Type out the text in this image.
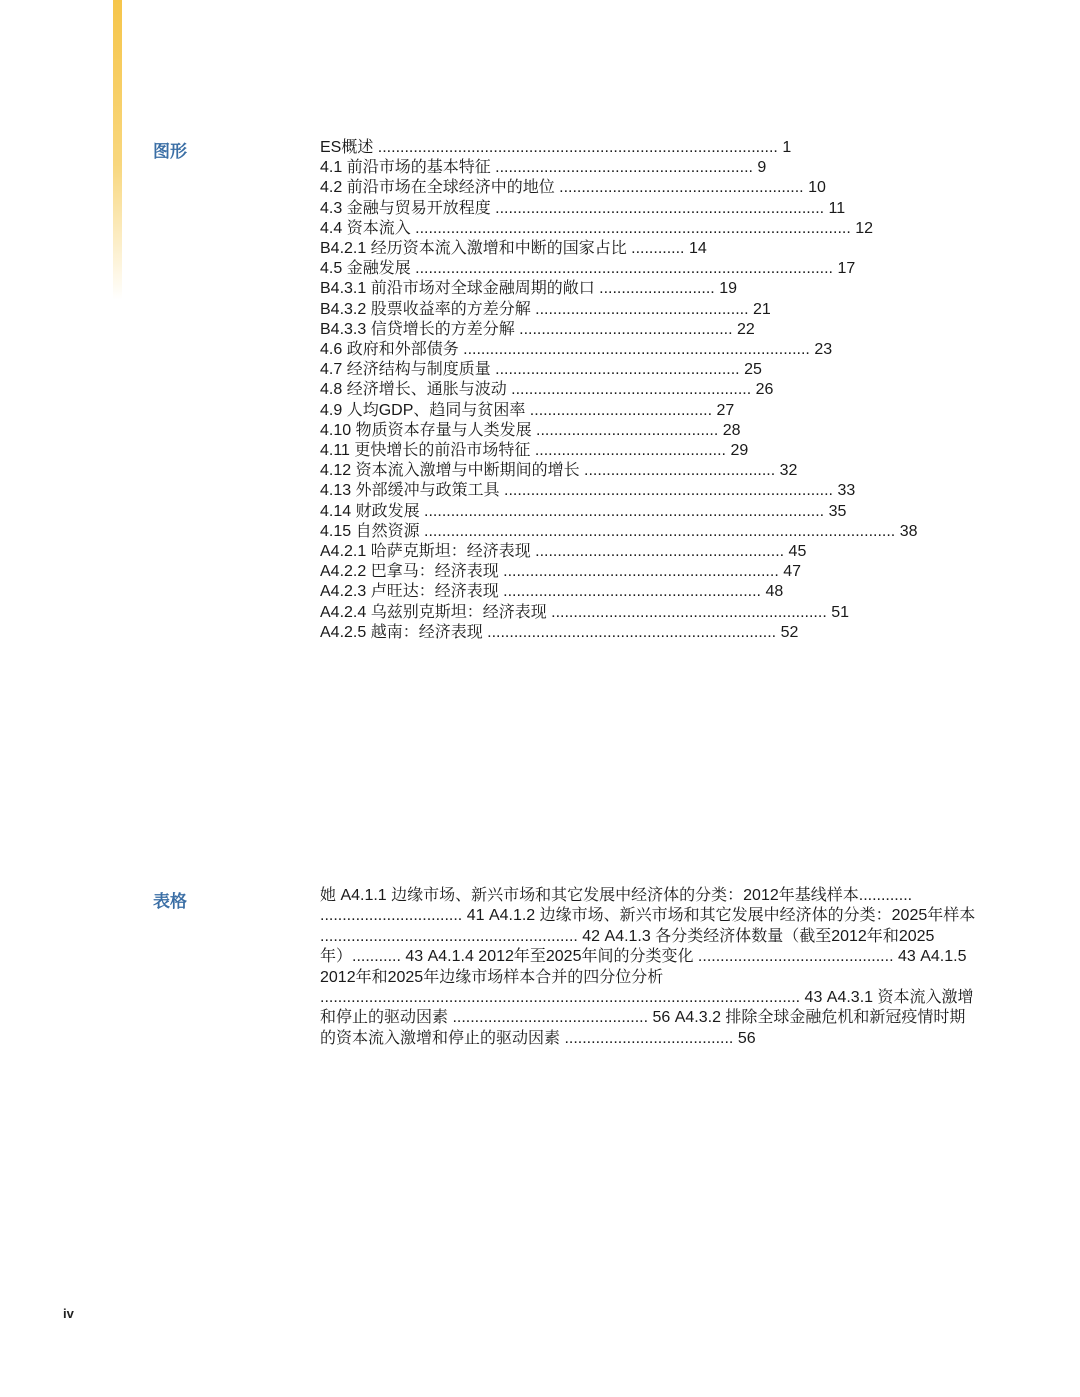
图形	ES概述 .......................................................................................... 1
4.1 前沿市场的基本特征 .......................................................... 9
4.2 前沿市场在全球经济中的地位 ....................................................... 10
4.3 金融与贸易开放程度 .......................................................................... 11
4.4 资本流入 .................................................................................................. 12
B4.2.1 经历资本流入激增和中断的国家占比 ............ 14
4.5 金融发展 .............................................................................................. 17
B4.3.1 前沿市场对全球金融周期的敞口 .......................... 19
B4.3.2 股票收益率的方差分解 ................................................ 21
B4.3.3 信贷增长的方差分解 ................................................ 22
4.6 政府和外部债务 .............................................................................. 23
4.7 经济结构与制度质量 ....................................................... 25
4.8 经济增长、通胀与波动 ...................................................... 26
4.9 人均GDP、趋同与贫困率 ......................................... 27
4.10 物质资本存量与人类发展 ......................................... 28
4.11 更快增长的前沿市场特征 ........................................... 29
4.12 资本流入激增与中断期间的增长 ........................................... 32
4.13 外部缓冲与政策工具 .......................................................................... 33
4.14 财政发展 .......................................................................................... 35
4.15 自然资源 .......................................................................................................... 38
A4.2.1 哈萨克斯坦：经济表现 ........................................................ 45
A4.2.2 巴拿马：经济表现 .............................................................. 47
A4.2.3 卢旺达：经济表现 .......................................................... 48
A4.2.4 乌兹别克斯坦：经济表现 .............................................................. 51
A4.2.5 越南：经济表现 ................................................................. 52
表格	她 A4.1.1 边缘市场、新兴市场和其它发展中经济体的分类：2012年基线样本............ ................................ 41 A4.1.2 边缘市场、新兴市场和其它发展中经济体的分类：2025年样本 .......................................................... 42 A4.1.3 各分类经济体数量（截至2012年和2025年）........... 43 A4.1.4 2012年至2025年间的分类变化 ............................................ 43 A4.1.5 2012年和2025年边缘市场样本合并的四分位分析 ............................................................................................................ 43 A4.3.1 资本流入激增和停止的驱动因素 ............................................ 56 A4.3.2 排除全球金融危机和新冠疫情时期的资本流入激增和停止的驱动因素 ...................................... 56
iv
